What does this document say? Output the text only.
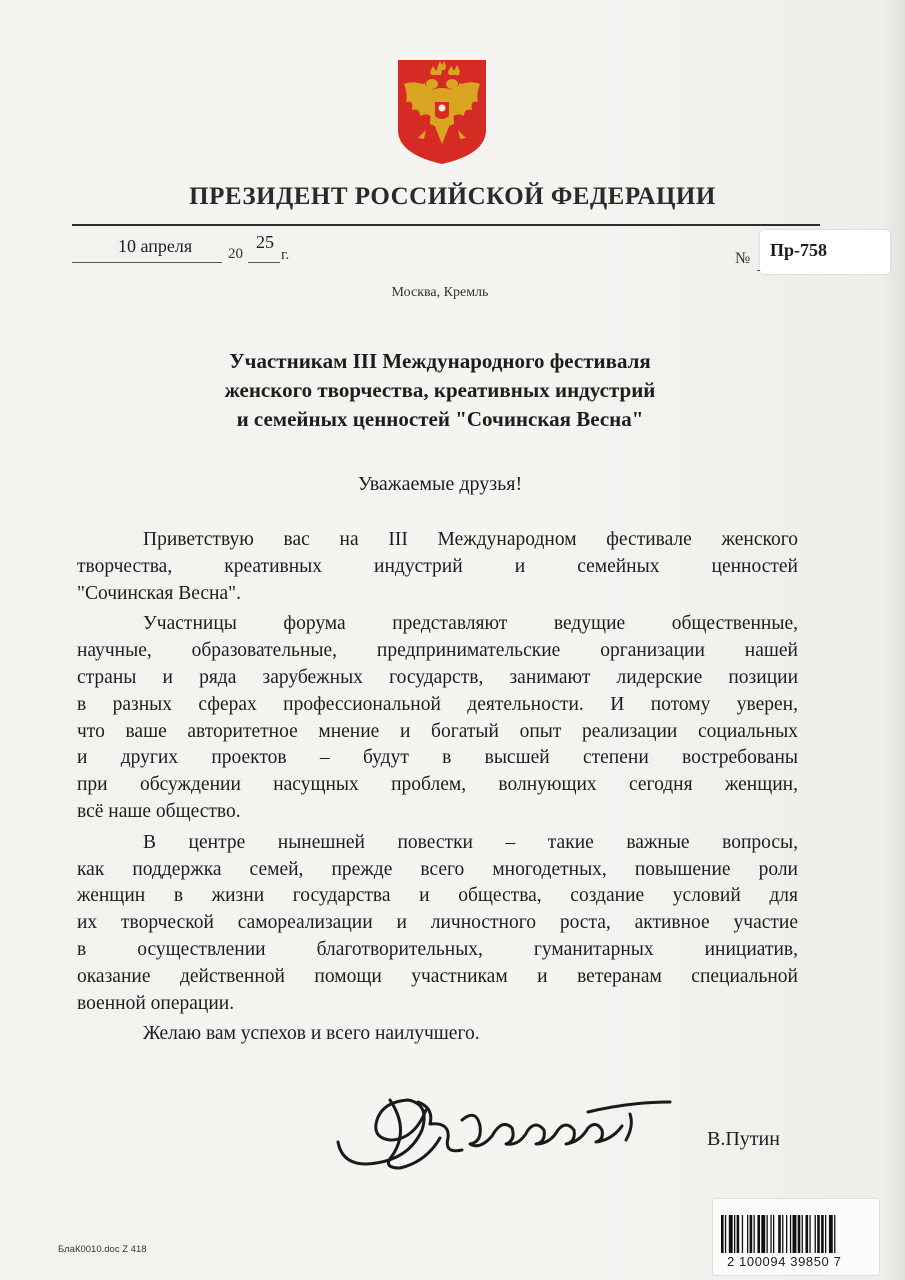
ПРЕЗИДЕНТ РОССИЙСКОЙ ФЕДЕРАЦИИ
10 апреля 20
25
г.	№	Пр-758
Москва, Кремль
Участникам III Международного фестиваля
женского творчества, креативных индустрий
и семейных ценностей "Сочинская Весна"
Уважаемые друзья!
Приветствую вас на III Международном фестивале женского
творчества, креативных индустрий и семейных ценностей
"Сочинская Весна".
Участницы форума представляют ведущие общественные,
научные, образовательные, предпринимательские организации нашей
страны и ряда зарубежных государств, занимают лидерские позиции
в разных сферах профессиональной деятельности. И потому уверен,
что ваше авторитетное мнение и богатый опыт реализации социальных
и других проектов – будут в высшей степени востребованы
при обсуждении насущных проблем, волнующих сегодня женщин,
всё наше общество.
В центре нынешней повестки – такие важные вопросы,
как поддержка семей, прежде всего многодетных, повышение роли
женщин в жизни государства и общества, создание условий для
их творческой самореализации и личностного роста, активное участие
в осуществлении благотворительных, гуманитарных инициатив,
оказание действенной помощи участникам и ветеранам специальной
военной операции.
Желаю вам успехов и всего наилучшего.
В.Путин
БлаК0010.doc Z 418
2 100094 39850 7
